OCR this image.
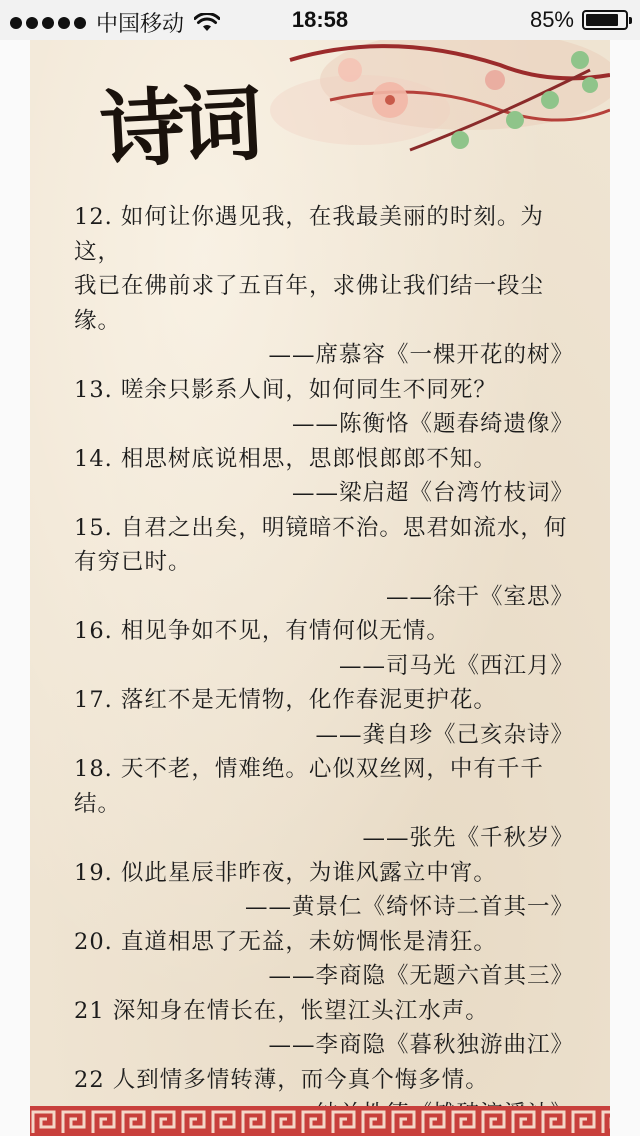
中国移动	18:58	85%
诗词
12. 如何让你遇见我，在我最美丽的时刻。为这，
我已在佛前求了五百年，求佛让我们结一段尘
缘。
——席慕容《一棵开花的树》
13. 嗟余只影系人间，如何同生不同死？
——陈衡恪《题春绮遗像》
14. 相思树底说相思，思郎恨郎郎不知。
——梁启超《台湾竹枝词》
15. 自君之出矣，明镜暗不治。思君如流水，何
有穷已时。
——徐干《室思》
16. 相见争如不见，有情何似无情。
——司马光《西江月》
17. 落红不是无情物，化作春泥更护花。
——龚自珍《己亥杂诗》
18. 天不老，情难绝。心似双丝网，中有千千结。
——张先《千秋岁》
19. 似此星辰非昨夜，为谁风露立中宵。
——黄景仁《绮怀诗二首其一》
20. 直道相思了无益，未妨惆怅是清狂。
——李商隐《无题六首其三》
21 深知身在情长在，怅望江头江水声。
——李商隐《暮秋独游曲江》
22 人到情多情转薄，而今真个悔多情。
